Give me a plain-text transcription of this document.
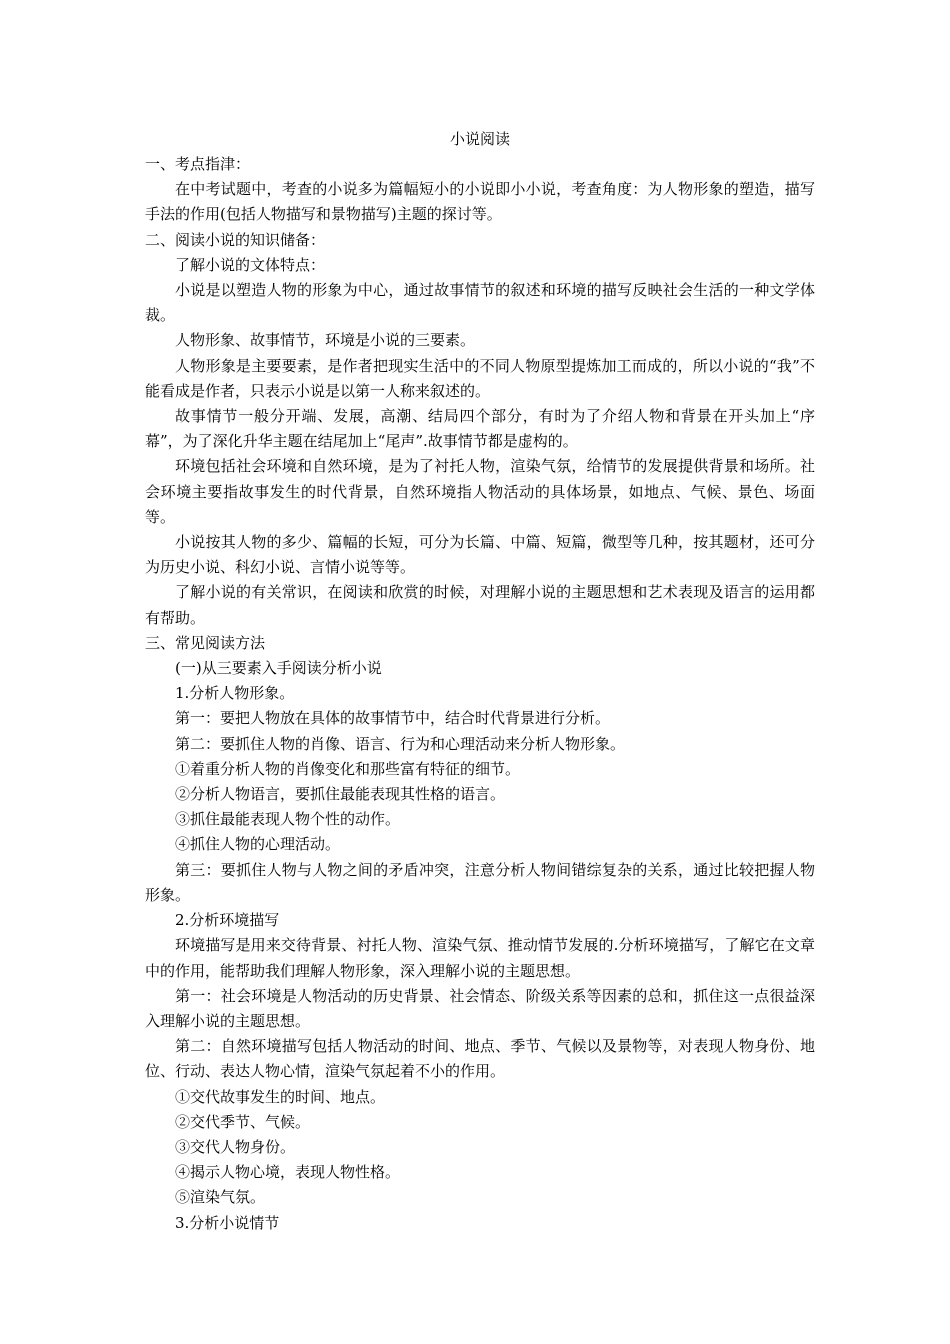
小说阅读

一、考点指津：

在中考试题中，考查的小说多为篇幅短小的小说即小小说，考查角度：为人物形象的塑造，描写手法的作用(包括人物描写和景物描写)主题的探讨等。

二、阅读小说的知识储备：

了解小说的文体特点：

小说是以塑造人物的形象为中心，通过故事情节的叙述和环境的描写反映社会生活的一种文学体裁。

人物形象、故事情节，环境是小说的三要素。

人物形象是主要要素，是作者把现实生活中的不同人物原型提炼加工而成的，所以小说的“我”不能看成是作者，只表示小说是以第一人称来叙述的。

故事情节一般分开端、发展，高潮、结局四个部分，有时为了介绍人物和背景在开头加上“序幕”，为了深化升华主题在结尾加上“尾声”.故事情节都是虚构的。

环境包括社会环境和自然环境，是为了衬托人物，渲染气氛，给情节的发展提供背景和场所。社会环境主要指故事发生的时代背景，自然环境指人物活动的具体场景，如地点、气候、景色、场面等。

小说按其人物的多少、篇幅的长短，可分为长篇、中篇、短篇，微型等几种，按其题材，还可分为历史小说、科幻小说、言情小说等等。

了解小说的有关常识，在阅读和欣赏的时候，对理解小说的主题思想和艺术表现及语言的运用都有帮助。

三、常见阅读方法

(一)从三要素入手阅读分析小说

1.分析人物形象。

第一：要把人物放在具体的故事情节中，结合时代背景进行分析。

第二：要抓住人物的肖像、语言、行为和心理活动来分析人物形象。

①着重分析人物的肖像变化和那些富有特征的细节。

②分析人物语言，要抓住最能表现其性格的语言。

③抓住最能表现人物个性的动作。

④抓住人物的心理活动。

第三：要抓住人物与人物之间的矛盾冲突，注意分析人物间错综复杂的关系，通过比较把握人物形象。

2.分析环境描写

环境描写是用来交待背景、衬托人物、渲染气氛、推动情节发展的.分析环境描写，了解它在文章中的作用，能帮助我们理解人物形象，深入理解小说的主题思想。

第一：社会环境是人物活动的历史背景、社会情态、阶级关系等因素的总和，抓住这一点很益深入理解小说的主题思想。

第二：自然环境描写包括人物活动的时间、地点、季节、气候以及景物等，对表现人物身份、地位、行动、表达人物心情，渲染气氛起着不小的作用。

①交代故事发生的时间、地点。

②交代季节、气候。

③交代人物身份。

④揭示人物心境，表现人物性格。

⑤渲染气氛。

3.分析小说情节
